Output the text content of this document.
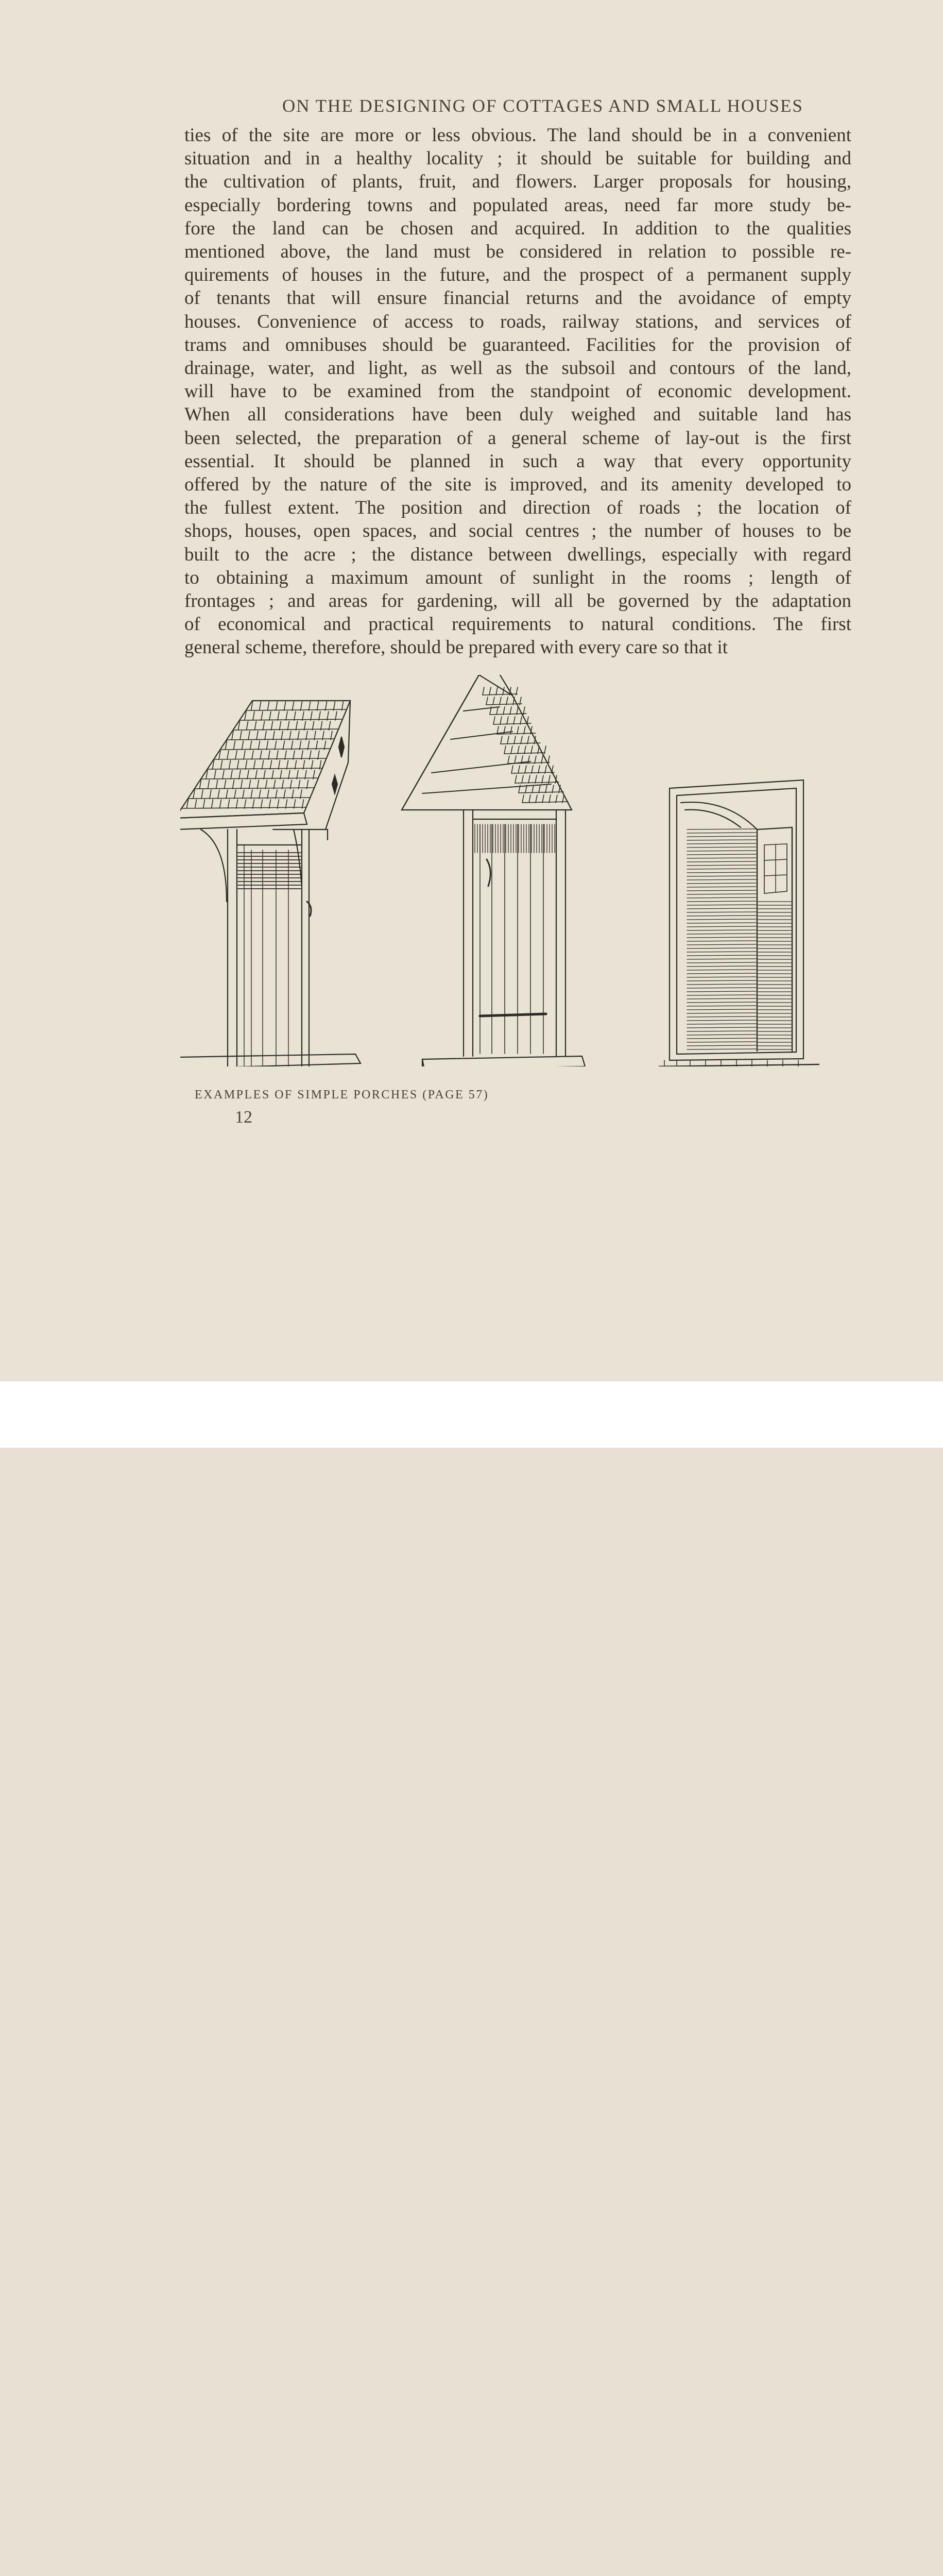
ON THE DESIGNING OF COTTAGES AND SMALL HOUSES
ties of the site are more or less obvious. The land should be in a convenient
situation and in a healthy locality ; it should be suitable for building and
the cultivation of plants, fruit, and flowers. Larger proposals for housing,
especially bordering towns and populated areas, need far more study be-
fore the land can be chosen and acquired. In addition to the qualities
mentioned above, the land must be considered in relation to possible re-
quirements of houses in the future, and the prospect of a permanent supply
of tenants that will ensure financial returns and the avoidance of empty
houses. Convenience of access to roads, railway stations, and services of
trams and omnibuses should be guaranteed. Facilities for the provision of
drainage, water, and light, as well as the subsoil and contours of the land,
will have to be examined from the standpoint of economic development.
When all considerations have been duly weighed and suitable land has
been selected, the preparation of a general scheme of lay-out is the first
essential. It should be planned in such a way that every opportunity
offered by the nature of the site is improved, and its amenity developed to
the fullest extent. The position and direction of roads ; the location of
shops, houses, open spaces, and social centres ; the number of houses to be
built to the acre ; the distance between dwellings, especially with regard
to obtaining a maximum amount of sunlight in the rooms ; length of
frontages ; and areas for gardening, will all be governed by the adaptation
of economical and practical requirements to natural conditions. The first
general scheme, therefore, should be prepared with every care so that it
EXAMPLES OF SIMPLE PORCHES (PAGE 57)
12
